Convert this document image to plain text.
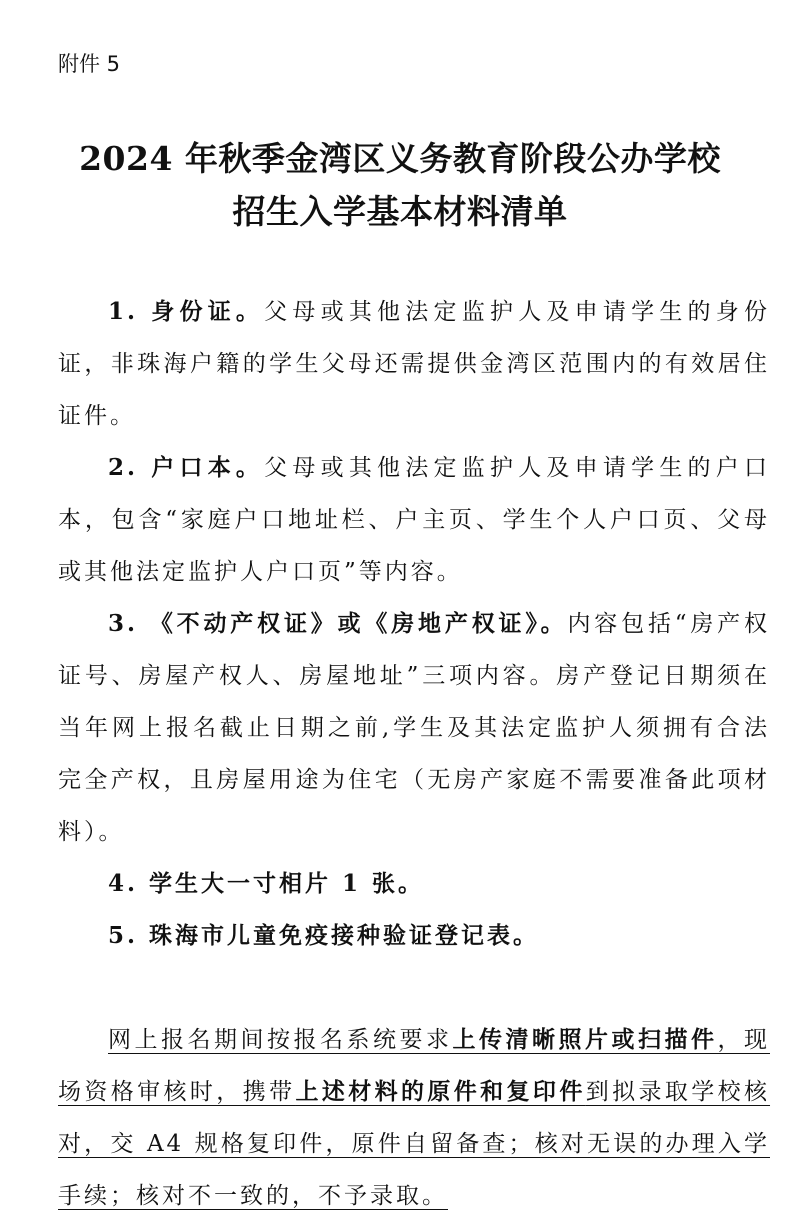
附件 5
2024 年秋季金湾区义务教育阶段公办学校
招生入学基本材料清单

1. 身份证。父母或其他法定监护人及申请学生的身份证，非珠海户籍的学生父母还需提供金湾区范围内的有效居住证件。

2. 户口本。父母或其他法定监护人及申请学生的户口本，包含“家庭户口地址栏、户主页、学生个人户口页、父母或其他法定监护人户口页”等内容。

3. 《不动产权证》或《房地产权证》。内容包括“房产权证号、房屋产权人、房屋地址”三项内容。房产登记日期须在当年网上报名截止日期之前,学生及其法定监护人须拥有合法完全产权，且房屋用途为住宅（无房产家庭不需要准备此项材料）。

4. 学生大一寸相片 1 张。

5. 珠海市儿童免疫接种验证登记表。

网上报名期间按报名系统要求上传清晰照片或扫描件，现场资格审核时，携带上述材料的原件和复印件到拟录取学校核对，交 A4 规格复印件，原件自留备查；核对无误的办理入学手续；核对不一致的，不予录取。
